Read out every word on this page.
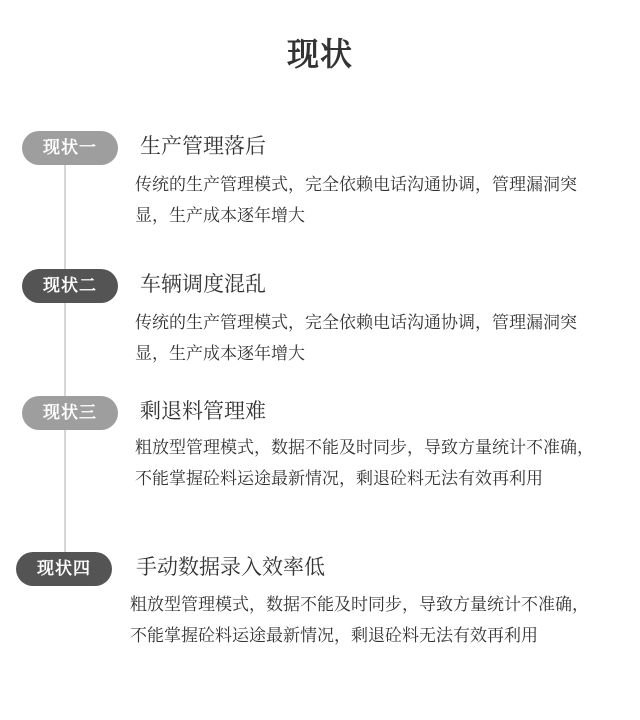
现状
现状一	生产管理落后

传统的生产管理模式，完全依赖电话沟通协调，管理漏洞突显，生产成本逐年增大

现状二	车辆调度混乱

传统的生产管理模式，完全依赖电话沟通协调，管理漏洞突显，生产成本逐年增大

现状三	剩退料管理难

粗放型管理模式，数据不能及时同步，导致方量统计不准确，不能掌握砼料运途最新情况，剩退砼料无法有效再利用

现状四	手动数据录入效率低

粗放型管理模式，数据不能及时同步，导致方量统计不准确，不能掌握砼料运途最新情况，剩退砼料无法有效再利用
